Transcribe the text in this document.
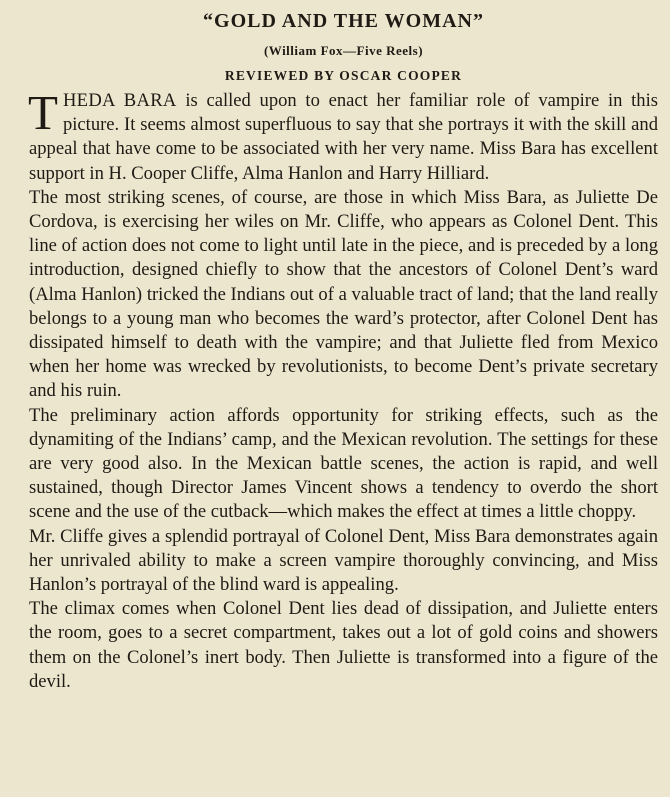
“GOLD AND THE WOMAN”
(William Fox—Five Reels)
REVIEWED BY OSCAR COOPER

THEDA BARA is called upon to enact her familiar role of vampire in this picture. It seems almost superfluous to say that she portrays it with the skill and appeal that have come to be associated with her very name. Miss Bara has excellent support in H. Cooper Cliffe, Alma Hanlon and Harry Hilliard.

The most striking scenes, of course, are those in which Miss Bara, as Juliette De Cordova, is exercising her wiles on Mr. Cliffe, who appears as Colonel Dent. This line of action does not come to light until late in the piece, and is preceded by a long introduction, designed chiefly to show that the ancestors of Colonel Dent’s ward (Alma Hanlon) tricked the Indians out of a valuable tract of land; that the land really belongs to a young man who becomes the ward’s protector, after Colonel Dent has dissipated himself to death with the vampire; and that Juliette fled from Mexico when her home was wrecked by revolutionists, to become Dent’s private secretary and his ruin.

The preliminary action affords opportunity for striking effects, such as the dynamiting of the Indians’ camp, and the Mexican revolution. The settings for these are very good also. In the Mexican battle scenes, the action is rapid, and well sustained, though Director James Vincent shows a tendency to overdo the short scene and the use of the cutback—which makes the effect at times a little choppy.

Mr. Cliffe gives a splendid portrayal of Colonel Dent, Miss Bara demonstrates again her unrivaled ability to make a screen vampire thoroughly convincing, and Miss Hanlon’s portrayal of the blind ward is appealing.

The climax comes when Colonel Dent lies dead of dissipation, and Juliette enters the room, goes to a secret compartment, takes out a lot of gold coins and showers them on the Colonel’s inert body. Then Juliette is transformed into a figure of the devil.
